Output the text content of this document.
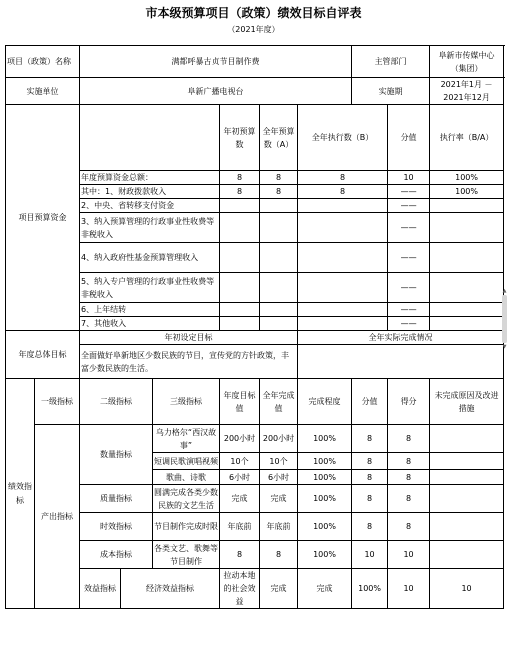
市本级预算项目（政策）绩效目标自评表
（2021年度）
项目（政策）名称		满都呼暴古贞节目制作费						主管部门		阜新市传媒中心（集团）	
实施单位		阜新广播电视台						实施期		2021年1月 － 2021年12月	
项目预算资金					年初预算数	全年预算数（A）	全年执行数（B）		分值	执行率（B/A）	
		年度预算资金总额：			8	8	8		10	100%	
		其中：1、财政拨款收入			8	8	8		——	100%	
		2、中央、省转移支付资金							——		
		3、纳入预算管理的行政事业性收费等非税收入							——		
		4、纳入政府性基金预算管理收入							——		
		5、纳入专户管理的行政事业性收费等非税收入							——		
		6、上年结转							——		
		7、其他收入							——		
年度总体目标		年初设定目标					全年实际完成情况				
		全面做好阜新地区少数民族的节目，宣传党的方针政策，丰富少数民族的生活。									
绩效指标	一级指标	二级指标		三级指标	年度目标值	全年完成值	完成程度	分值	得分	未完成原因及改进措施	
	产出指标	数量指标		乌力格尔“西汉故事”	200小时	200小时	100%	8	8		
				短调民歌演唱视频	10个	10个	100%	8	8		
				歌曲、诗歌	6小时	6小时	100%	8	8		
		质量指标		圆满完成各类少数民族的文艺生活	完成	完成	100%	8	8		
		时效指标		节目制作完成时限	年底前	年底前	100%	8	8		
		成本指标		各类文艺、歌舞等节目制作	8	8	100%	10	10		
		效益指标	经济效益指标		拉动本地的社会效益	完成	完成	100%	10	10	
▲
▼
